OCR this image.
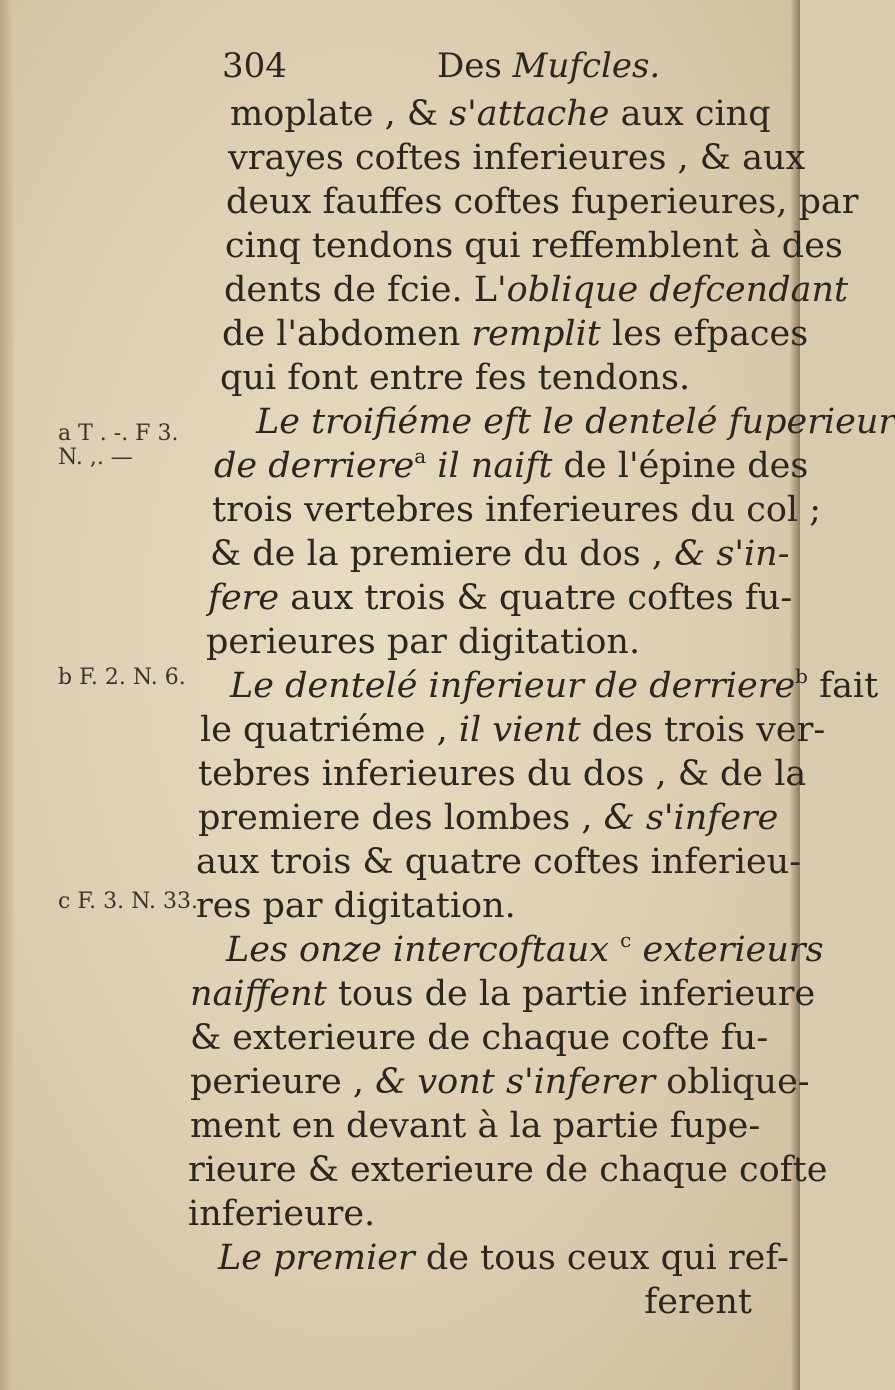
304	Des Mufcles.
a T . -. F 3.
N. ,. —
b F. 2. N. 6.
c F. 3. N. 33.
moplate , & s'attache aux cinq
vrayes coftes inferieures , & aux
deux fauffes coftes fuperieures, par
cinq tendons qui reffemblent à des
dents de fcie. L'oblique defcendant
de l'abdomen remplit les efpaces
qui font entre fes tendons.
Le troifiéme eft le dentelé fuperieur
de derriere$^a$ il naift de l'épine des
trois vertebres inferieures du col ;
& de la premiere du dos , & s'in-
fere aux trois & quatre coftes fu-
perieures par digitation.
Le dentelé inferieur de derriere$^b$ fait
le quatriéme , il vient des trois ver-
tebres inferieures du dos , & de la
premiere des lombes , & s'infere
aux trois & quatre coftes inferieu-
res par digitation.
Les onze intercoftaux $^c$ exterieurs
naiffent tous de la partie inferieure
& exterieure de chaque cofte fu-
perieure , & vont s'inferer oblique-
ment en devant à la partie fupe-
rieure & exterieure de chaque cofte
inferieure.
Le premier de tous ceux qui ref-
ferent
